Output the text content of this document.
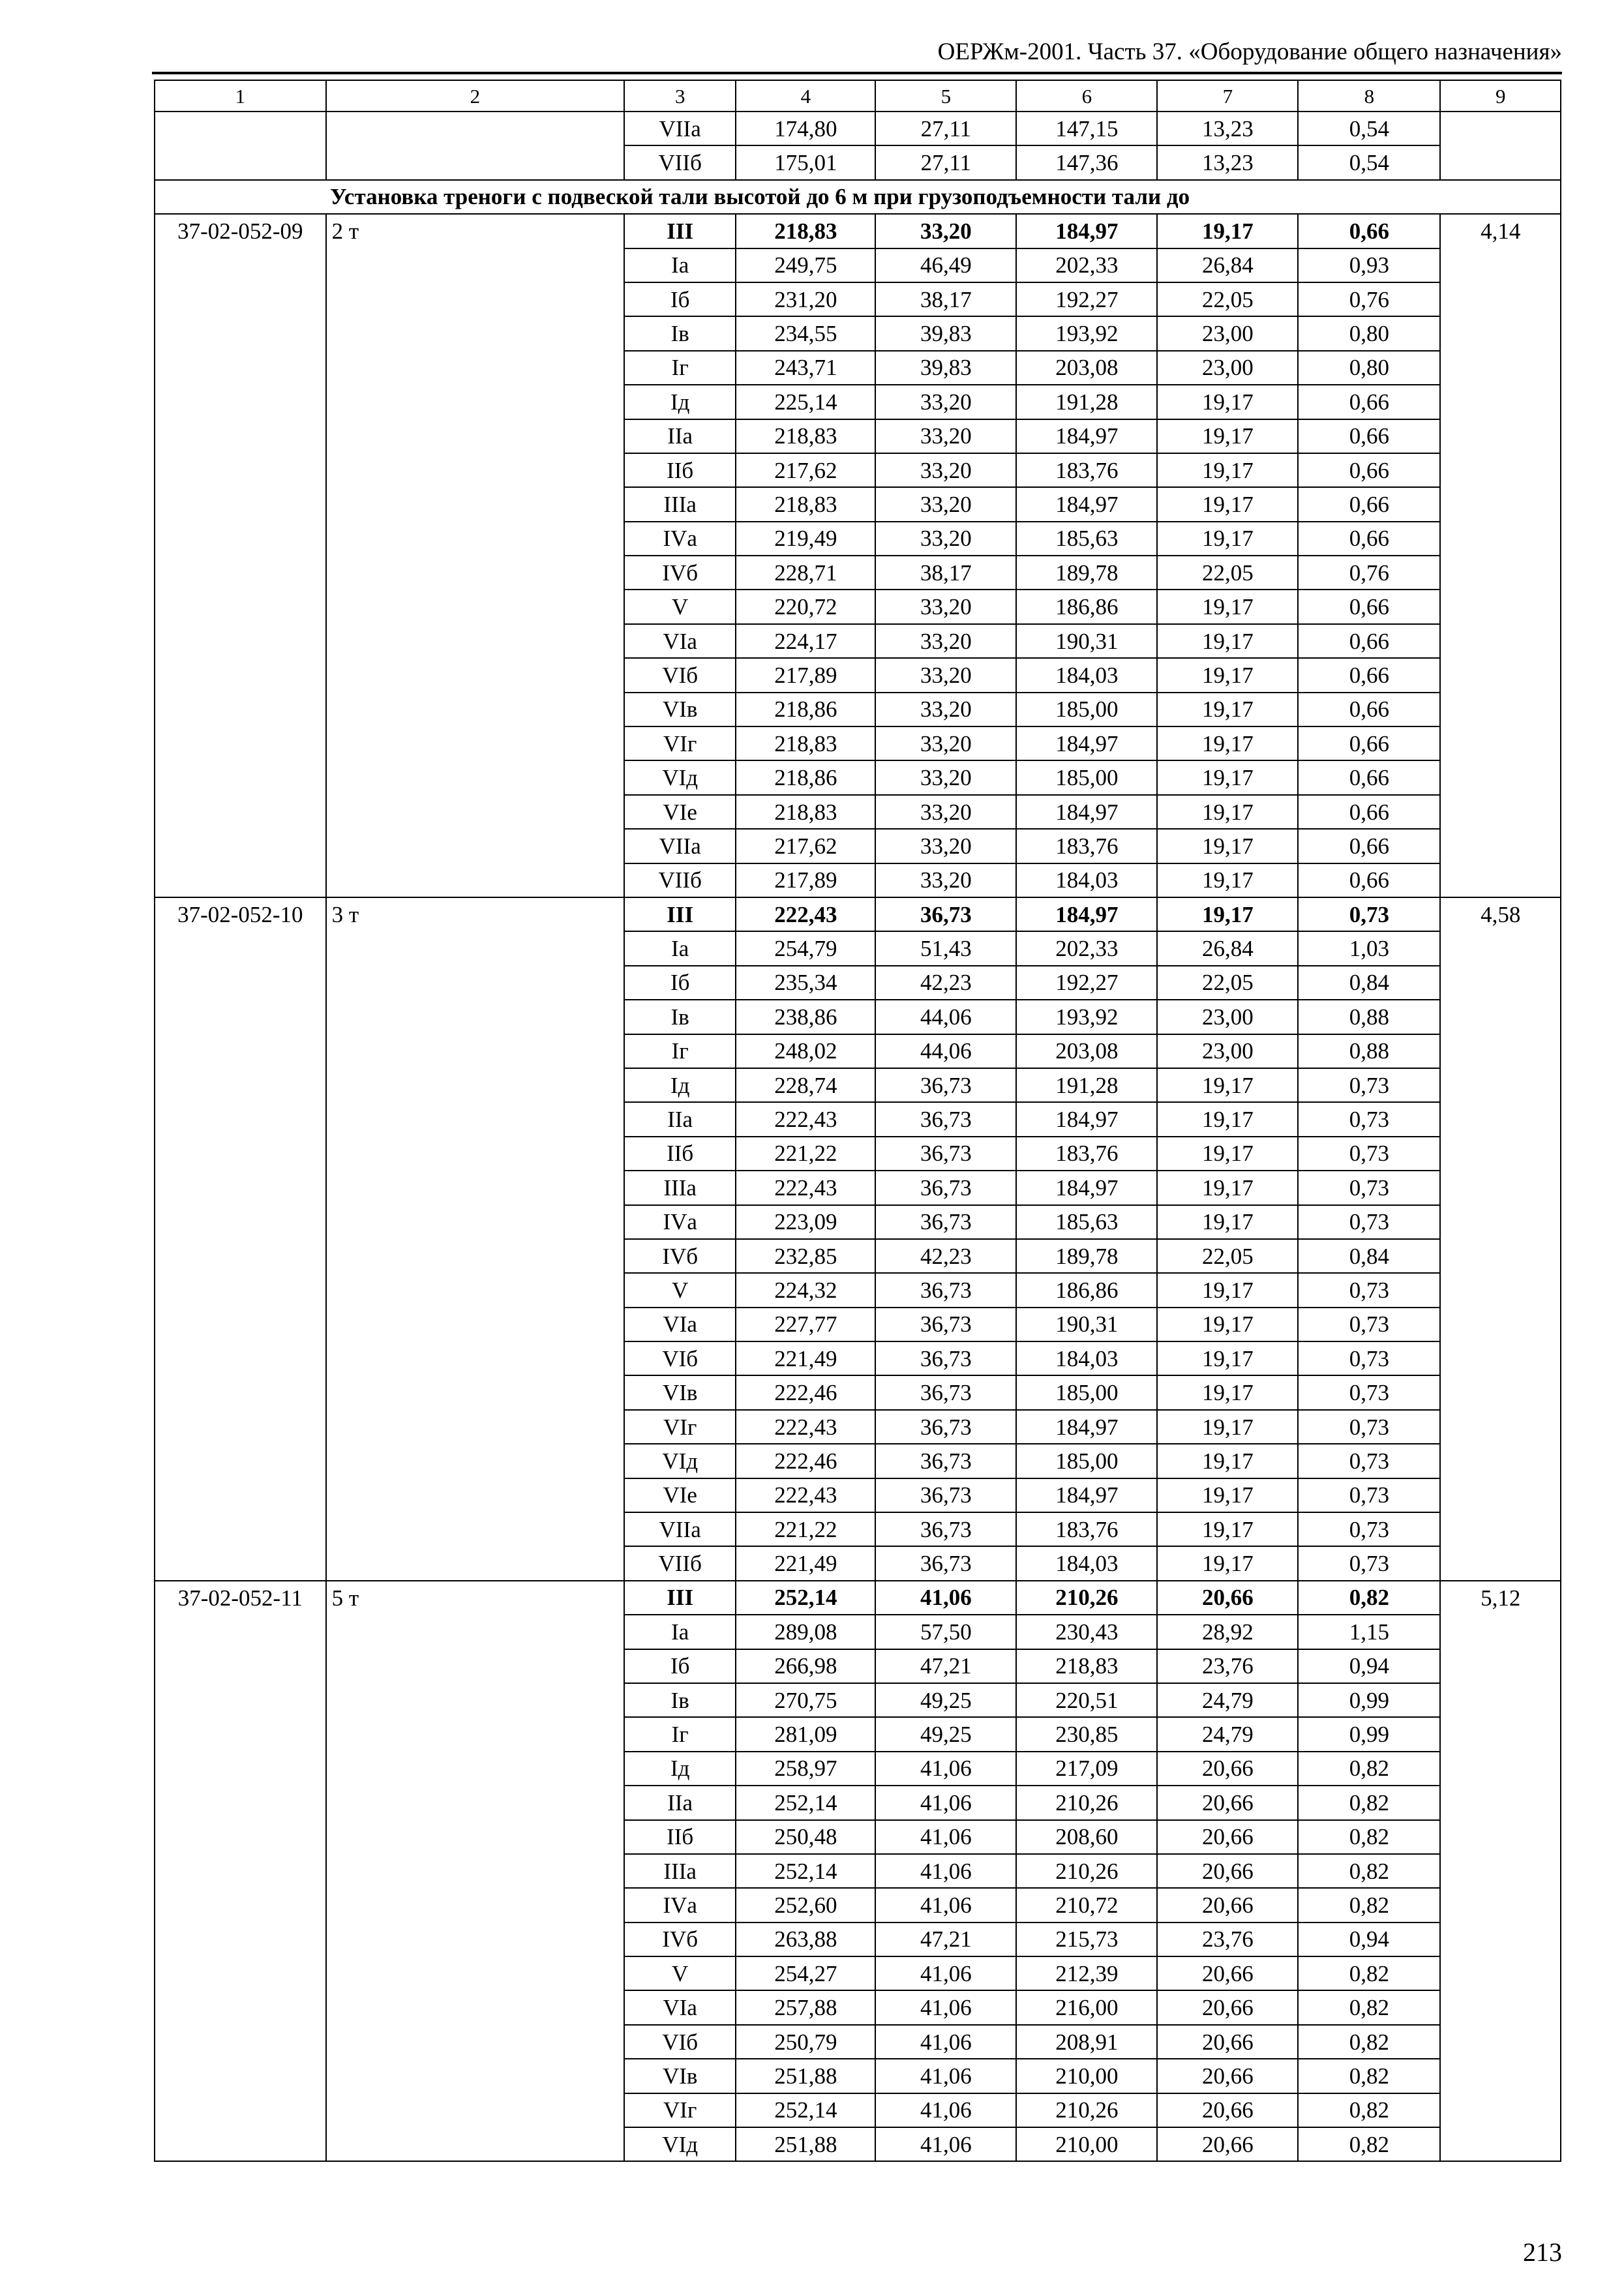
ОЕРЖм-2001. Часть 37. «Оборудование общего назначения»
1	2	3	4	5	6	7	8	9
		VIIа	174,80	27,11	147,15	13,23	0,54	
		VIIб	175,01	27,11	147,36	13,23	0,54	
Установка треноги с подвеской тали высотой до 6 м при грузоподъемности тали до								
37-02-052-09	2 т	III	218,83	33,20	184,97	19,17	0,66	4,14
		Iа	249,75	46,49	202,33	26,84	0,93	
		Iб	231,20	38,17	192,27	22,05	0,76	
		Iв	234,55	39,83	193,92	23,00	0,80	
		Iг	243,71	39,83	203,08	23,00	0,80	
		Iд	225,14	33,20	191,28	19,17	0,66	
		IIа	218,83	33,20	184,97	19,17	0,66	
		IIб	217,62	33,20	183,76	19,17	0,66	
		IIIа	218,83	33,20	184,97	19,17	0,66	
		IVа	219,49	33,20	185,63	19,17	0,66	
		IVб	228,71	38,17	189,78	22,05	0,76	
		V	220,72	33,20	186,86	19,17	0,66	
		VIа	224,17	33,20	190,31	19,17	0,66	
		VIб	217,89	33,20	184,03	19,17	0,66	
		VIв	218,86	33,20	185,00	19,17	0,66	
		VIг	218,83	33,20	184,97	19,17	0,66	
		VIд	218,86	33,20	185,00	19,17	0,66	
		VIе	218,83	33,20	184,97	19,17	0,66	
		VIIа	217,62	33,20	183,76	19,17	0,66	
		VIIб	217,89	33,20	184,03	19,17	0,66	
37-02-052-10	3 т	III	222,43	36,73	184,97	19,17	0,73	4,58
		Iа	254,79	51,43	202,33	26,84	1,03	
		Iб	235,34	42,23	192,27	22,05	0,84	
		Iв	238,86	44,06	193,92	23,00	0,88	
		Iг	248,02	44,06	203,08	23,00	0,88	
		Iд	228,74	36,73	191,28	19,17	0,73	
		IIа	222,43	36,73	184,97	19,17	0,73	
		IIб	221,22	36,73	183,76	19,17	0,73	
		IIIа	222,43	36,73	184,97	19,17	0,73	
		IVа	223,09	36,73	185,63	19,17	0,73	
		IVб	232,85	42,23	189,78	22,05	0,84	
		V	224,32	36,73	186,86	19,17	0,73	
		VIа	227,77	36,73	190,31	19,17	0,73	
		VIб	221,49	36,73	184,03	19,17	0,73	
		VIв	222,46	36,73	185,00	19,17	0,73	
		VIг	222,43	36,73	184,97	19,17	0,73	
		VIд	222,46	36,73	185,00	19,17	0,73	
		VIе	222,43	36,73	184,97	19,17	0,73	
		VIIа	221,22	36,73	183,76	19,17	0,73	
		VIIб	221,49	36,73	184,03	19,17	0,73	
37-02-052-11	5 т	III	252,14	41,06	210,26	20,66	0,82	5,12
		Iа	289,08	57,50	230,43	28,92	1,15	
		Iб	266,98	47,21	218,83	23,76	0,94	
		Iв	270,75	49,25	220,51	24,79	0,99	
		Iг	281,09	49,25	230,85	24,79	0,99	
		Iд	258,97	41,06	217,09	20,66	0,82	
		IIа	252,14	41,06	210,26	20,66	0,82	
		IIб	250,48	41,06	208,60	20,66	0,82	
		IIIа	252,14	41,06	210,26	20,66	0,82	
		IVа	252,60	41,06	210,72	20,66	0,82	
		IVб	263,88	47,21	215,73	23,76	0,94	
		V	254,27	41,06	212,39	20,66	0,82	
		VIа	257,88	41,06	216,00	20,66	0,82	
		VIб	250,79	41,06	208,91	20,66	0,82	
		VIв	251,88	41,06	210,00	20,66	0,82	
		VIг	252,14	41,06	210,26	20,66	0,82	
		VIд	251,88	41,06	210,00	20,66	0,82	
213
